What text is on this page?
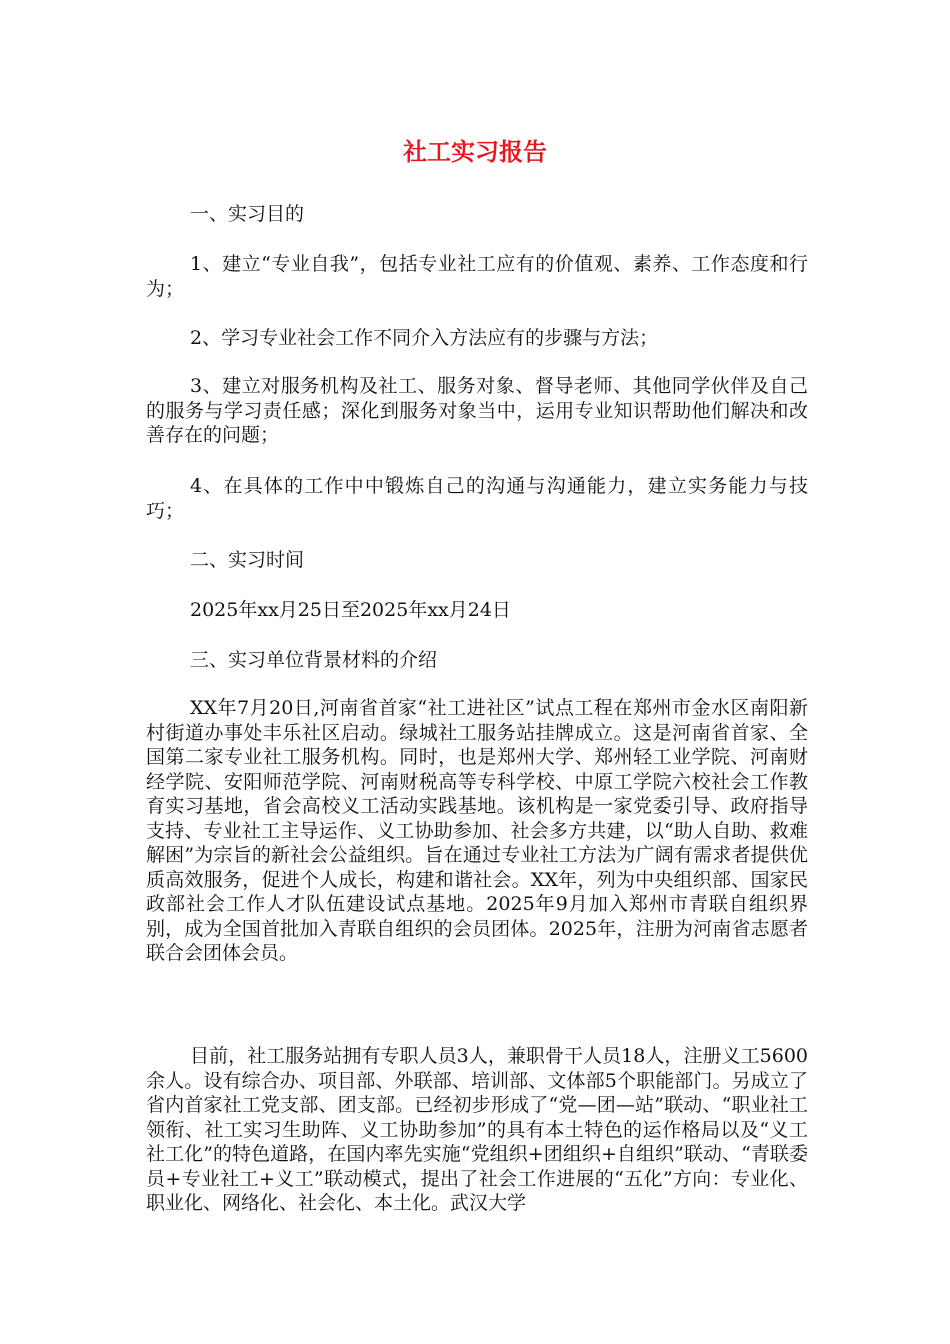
社工实习报告

一、实习目的

1、建立“专业自我”，包括专业社工应有的价值观、素养、工作态度和行为；

2、学习专业社会工作不同介入方法应有的步骤与方法；

3、建立对服务机构及社工、服务对象、督导老师、其他同学伙伴及自己的服务与学习责任感；深化到服务对象当中，运用专业知识帮助他们解决和改善存在的问题；

4、在具体的工作中中锻炼自己的沟通与沟通能力，建立实务能力与技巧；

二、实习时间

2025年xx月25日至2025年xx月24日

三、实习单位背景材料的介绍

XX年7月20日,河南省首家“社工进社区”试点工程在郑州市金水区南阳新村街道办事处丰乐社区启动。绿城社工服务站挂牌成立。这是河南省首家、全国第二家专业社工服务机构。同时，也是郑州大学、郑州轻工业学院、河南财经学院、安阳师范学院、河南财税高等专科学校、中原工学院六校社会工作教育实习基地，省会高校义工活动实践基地。该机构是一家党委引导、政府指导支持、专业社工主导运作、义工协助参加、社会多方共建，以“助人自助、救难解困”为宗旨的新社会公益组织。旨在通过专业社工方法为广阔有需求者提供优质高效服务，促进个人成长，构建和谐社会。XX年，列为中央组织部、国家民政部社会工作人才队伍建设试点基地。2025年9月加入郑州市青联自组织界别，成为全国首批加入青联自组织的会员团体。2025年，注册为河南省志愿者联合会团体会员。

目前，社工服务站拥有专职人员3人，兼职骨干人员18人，注册义工5600余人。设有综合办、项目部、外联部、培训部、文体部5个职能部门。另成立了省内首家社工党支部、团支部。已经初步形成了“党—团—站”联动、“职业社工领衔、社工实习生助阵、义工协助参加”的具有本土特色的运作格局以及“义工社工化”的特色道路，在国内率先实施“党组织+团组织+自组织”联动、“青联委员+专业社工+义工”联动模式，提出了社会工作进展的“五化”方向：专业化、职业化、网络化、社会化、本土化。武汉大学
